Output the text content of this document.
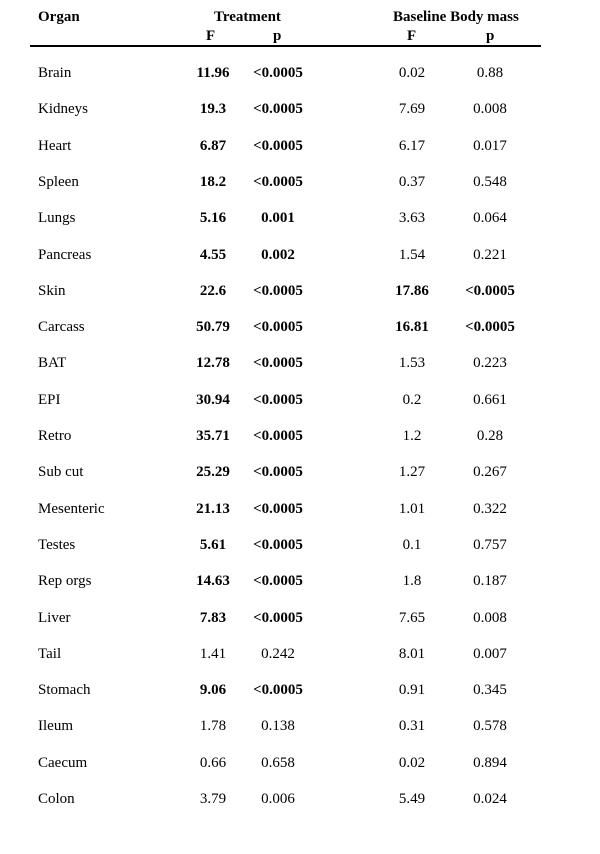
Organ	Treatment	Baseline Body mass
F	p	F	p
Brain	11.96 <0.0005	0.02	0.88
Kidneys	19.3 <0.0005	7.69	0.008
Heart	6.87 <0.0005	6.17	0.017
Spleen	18.2 <0.0005	0.37	0.548
Lungs	5.16 0.001	3.63	0.064
Pancreas	4.55 0.002	1.54	0.221
Skin	22.6 <0.0005	17.86 <0.0005
Carcass	50.79 <0.0005	16.81 <0.0005
BAT	12.78 <0.0005	1.53	0.223
EPI	30.94 <0.0005	0.2	0.661
Retro	35.71 <0.0005	1.2	0.28
Sub cut	25.29 <0.0005	1.27	0.267
Mesenteric	21.13 <0.0005	1.01	0.322
Testes	5.61 <0.0005	0.1	0.757
Rep orgs	14.63 <0.0005	1.8	0.187
Liver	7.83 <0.0005	7.65	0.008
Tail	1.41 0.242	8.01	0.007
Stomach	9.06 <0.0005	0.91	0.345
Ileum	1.78 0.138	0.31	0.578
Caecum	0.66 0.658	0.02	0.894
Colon	3.79 0.006	5.49	0.024
